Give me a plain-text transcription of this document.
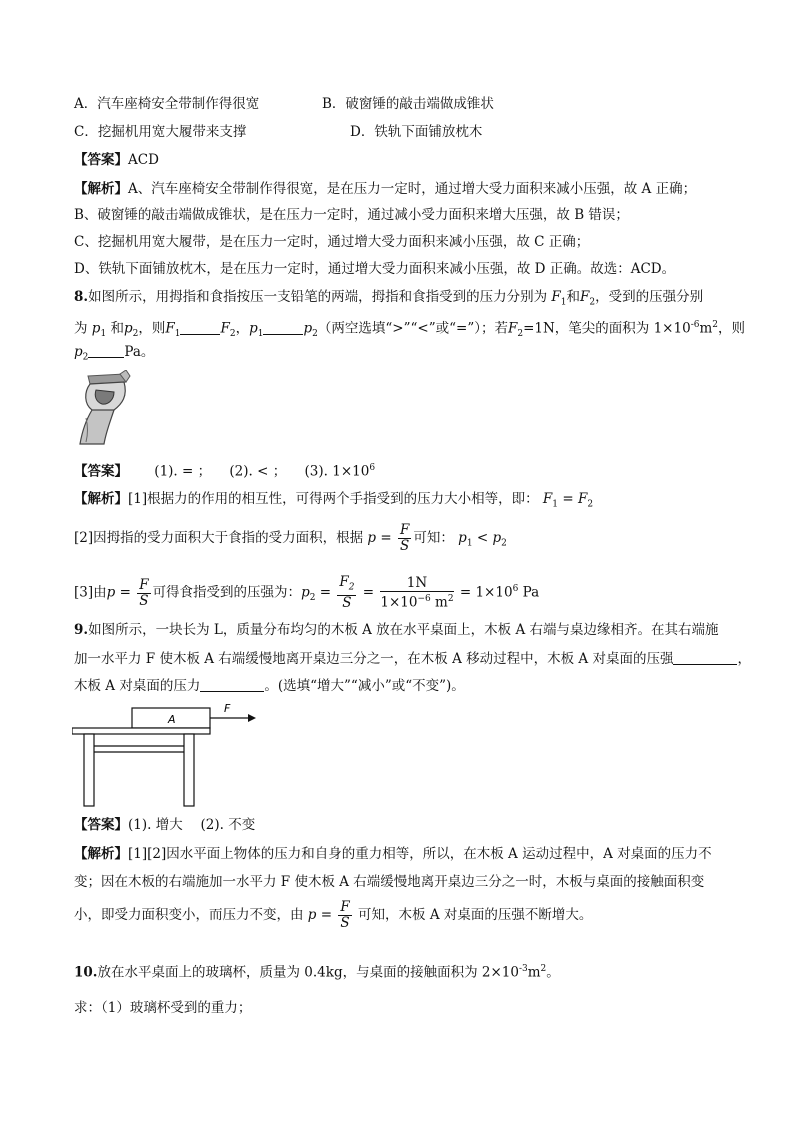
A．汽车座椅安全带制作得很宽	B．破窗锤的敲击端做成锥状
C．挖掘机用宽大履带来支撑	D．铁轨下面铺放枕木
【答案】ACD
【解析】A、汽车座椅安全带制作得很宽，是在压力一定时，通过增大受力面积来减小压强，故 A 正确；
B、破窗锤的敲击端做成锥状，是在压力一定时，通过减小受力面积来增大压强，故 B 错误；
C、挖掘机用宽大履带，是在压力一定时，通过增大受力面积来减小压强，故 C 正确；
D、铁轨下面铺放枕木，是在压力一定时，通过增大受力面积来减小压强，故 D 正确。故选：ACD。
8.如图所示，用拇指和食指按压一支铅笔的两端，拇指和食指受到的压力分别为 $F_1$和$F_2$，受到的压强分别
为 $p_1$ 和$p_2$，则$F_1$	$F_2$，$p_1$	$p_2$（两空选填“>”“<”或“=”）；若$F_2=1N$，笔尖的面积为 $1\times 10^{-6}m^2$，则
$p_2$	Pa。
【答案】 (1). = ； (2). < ； (3). $1\times 10^6$
【解析】[1]根据力的作用的相互性，可得两个手指受到的压力大小相等，即： $F_1 = F_2$
[2]因拇指的受力面积大于食指的受力面积，根据 $p = \frac{F}{S}$ 可知： $p_1 < p_2$
[3]由$p = \frac{F}{S}$ 可得食指受到的压强为：$p_2 = \frac{F_2}{S} = \frac{1N}{1\times 10^{-6} m^2} = 1\times 10^6$ Pa
9.如图所示，一块长为 L，质量分布均匀的木板 A 放在水平桌面上，木板 A 右端与桌边缘相齐。在其右端施
加一水平力 F 使木板 A 右端缓慢地离开桌边三分之一，在木板 A 移动过程中，木板 A 对桌面的压强	，
木板 A 对桌面的压力	。(选填“增大”“减小”或“不变”)。
A
F
【答案】(1). 增大　 (2). 不变
【解析】[1][2]因水平面上物体的压力和自身的重力相等，所以，在木板 A 运动过程中，A 对桌面的压力不
变；因在木板的右端施加一水平力 F 使木板 A 右端缓慢地离开桌边三分之一时，木板与桌面的接触面积变
小，即受力面积变小，而压力不变，由 $p = \frac{F}{S}$ 可知，木板 A 对桌面的压强不断增大。
10.放在水平桌面上的玻璃杯，质量为 0.4kg，与桌面的接触面积为 $2\times 10^{-3}m^2$。
求：（1）玻璃杯受到的重力；
